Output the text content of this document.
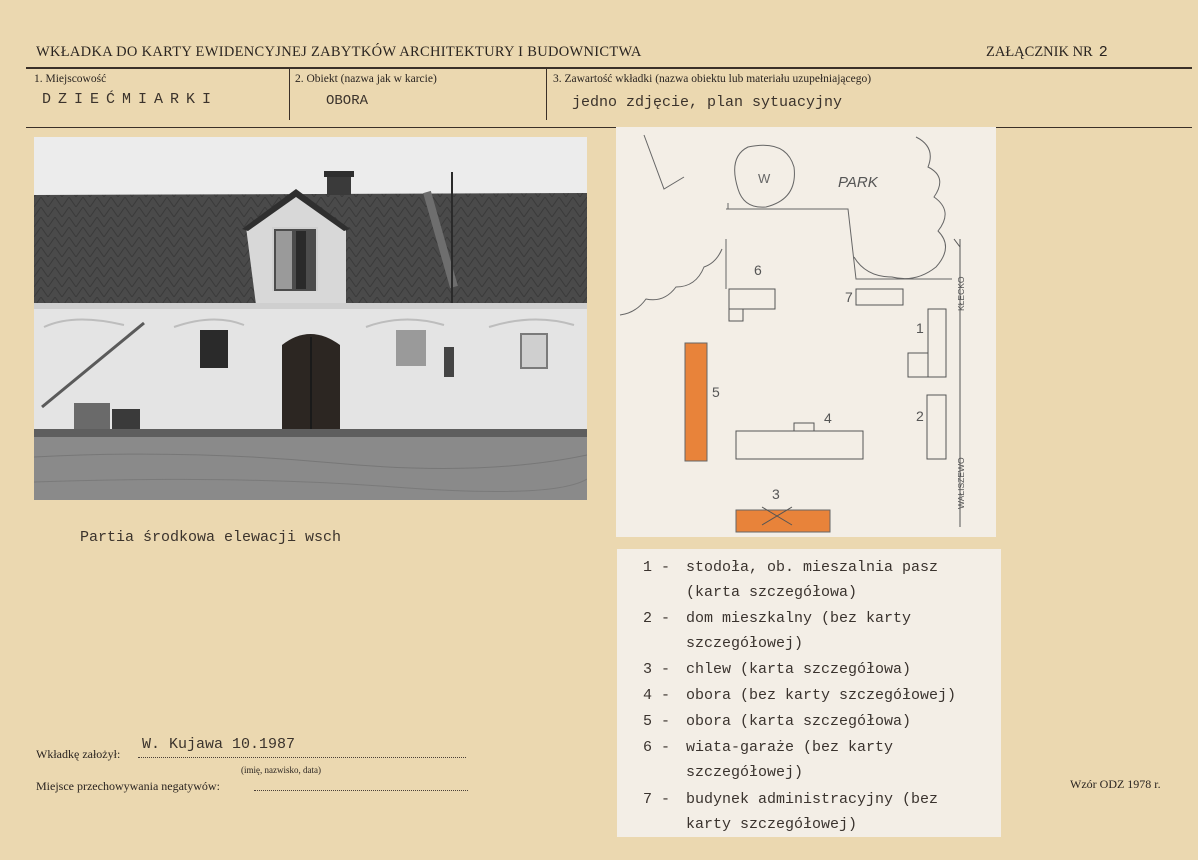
WKŁADKA DO KARTY EWIDENCYJNEJ ZABYTKÓW ARCHITEKTURY I BUDOWNICTWA	ZAŁĄCZNIK NR 2
1. Miejscowość
DZIEĆMIARKI
2. Obiekt (nazwa jak w karcie)
OBORA
3. Zawartość wkładki (nazwa obiektu lub materiału uzupełniającego)
jedno zdjęcie, plan sytuacyjny
Partia środkowa elewacji wsch
W	PARK
6
7
1
2
KŁECKO
WAŁISZEWO
5
4
3
1 - stodoła, ob. mieszalnia pasz
(karta szczegółowa)
2 - dom mieszkalny (bez karty
szczegółowej)
3 - chlew (karta szczegółowa)
4 - obora (bez karty szczegółowej)
5 - obora (karta szczegółowa)
6 - wiata-garaże (bez karty
szczegółowej)
7 - budynek administracyjny (bez
karty szczegółowej)
Wkładkę założył:
W. Kujawa 10.1987
(imię, nazwisko, data)
Miejsce przechowywania negatywów:	Wzór ODZ 1978 r.
